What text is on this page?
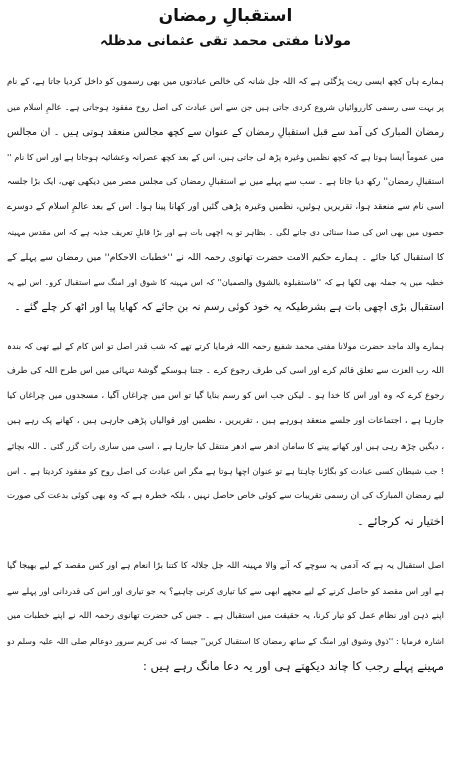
استقبالِ رمضان
مولانا مفتی محمد تقی عثمانی مدظلہ
ہمارے ہاں کچھ ایسی ریت پڑگئی ہے کہ اللہ جل شانہ کی خالص عبادتوں میں بھی رسموں کو داخل کردیا جاتا ہے، کے نام
پر بہت سی رسمی کارروائیاں شروع کردی جاتی ہیں جن سے اس عبادت کی اصل روح مفقود ہوجاتی ہے۔ عالمِ اسلام میں
رمضان المبارک کی آمد سے قبل استقبالِ رمضان کے عنوان سے کچھ مجالس منعقد ہوتی ہیں ۔ ان مجالس
میں عموماً ایسا ہوتا ہے کہ کچھ نظمیں وغیرہ پڑھ لی جاتی ہیں، اس کے بعد کچھ عصرانہ وعشائیہ ہوجاتا ہے اور اس کا نام ''
استقبالِ رمضان'' رکھ دیا جاتا ہے ۔ سب سے پہلے میں نے استقبالِ رمضان کی مجلس مصر میں دیکھی تھی، ایک بڑا جلسہ
اسی نام سے منعقد ہوا، تقریریں ہوئیں، نظمیں وغیرہ پڑھی گئیں اور کھانا پینا ہوا۔ اس کے بعد عالمِ اسلام کے دوسرے
حصوں میں بھی اس کی صدا سنائی دی جانے لگی ۔ بظاہر تو یہ اچھی بات ہے اور بڑا قابلِ تعریف جذبہ ہے کہ اس مقدس مہینہ
کا استقبال کیا جائے ۔ ہمارے حکیم الامت حضرت تھانوی رحمہ اللہ نے ''خطبات الاحکام'' میں رمضان سے پہلے کے
خطبہ میں یہ جملہ بھی لکھا ہے کہ ''فاستقبلوہ بالشوق والصمیان'' کہ اس مہینہ کا شوق اور امنگ سے استقبال کرو۔ اس لیے یہ
استقبال بڑی اچھی بات ہے بشرطیکہ یہ خود کوئی رسم نہ بن جائے کہ کھایا پیا اور اٹھ کر چلے گئے ۔
ہمارے والد ماجد حضرت مولانا مفتی محمد شفیع رحمہ اللہ فرمایا کرتے تھے کہ شب قدر اصل تو اس کام کے لیے تھی کہ بندہ
اللہ رب العزت سے تعلق قائم کرے اور اسی کی طرف رجوع کرے ۔ جتنا ہوسکے گوشۂ تنہائی میں اس طرح اللہ کی طرف
رجوع کرے کہ وہ اور اس کا خدا ہو ۔ لیکن جب اس کو رسم بنایا گیا تو اس میں چراغاں آگیا ، مسجدوں میں چراغاں کیا
جارہا ہے ، اجتماعات اور جلسے منعقد ہورہے ہیں ، تقریریں ، نظمیں اور قوالیاں پڑھی جارہی ہیں ، کھانے پک رہے ہیں
، دیگیں چڑھ رہی ہیں اور کھانے پینے کا سامان ادھر سے ادھر منتقل کیا جارہا ہے ، اسی میں ساری رات گزر گئی ۔ اللہ بچائے
! جب شیطان کسی عبادت کو بگاڑنا چاہتا ہے تو عنوان اچھا ہوتا ہے مگر اس عبادت کی اصل روح کو مفقود کردیتا ہے ۔ اس
لیے رمضان المبارک کی ان رسمی تقریبات سے کوئی خاص حاصل نہیں ، بلکہ خطرہ ہے کہ وہ بھی کوئی بدعت کی صورت
اختیار نہ کرجائے ۔
اصل استقبال یہ ہے کہ آدمی یہ سوچے کہ آنے والا مہینہ اللہ جل جلالہ کا کتنا بڑا انعام ہے اور کس مقصد کے لیے بھیجا گیا
ہے اور اس مقصد کو حاصل کرنے کے لیے مجھے ابھی سے کیا تیاری کرنی چاہیے؟ یہ جو تیاری اور اس کی قدردانی اور پہلے سے
اپنے ذہن اور نظام عمل کو تیار کرنا، یہ حقیقت میں استقبال ہے ۔ جس کی حضرت تھانوی رحمہ اللہ نے اپنے خطبات میں
اشارہ فرمایا : ''ذوق وشوق اور امنگ کے ساتھ رمضان کا استقبال کریں'' جیسا کہ نبی کریم سرور دوعالم صلی اللہ علیہ وسلم دو
مہینے پہلے رجب کا چاند دیکھتے ہی اور یہ دعا مانگ رہے ہیں :
